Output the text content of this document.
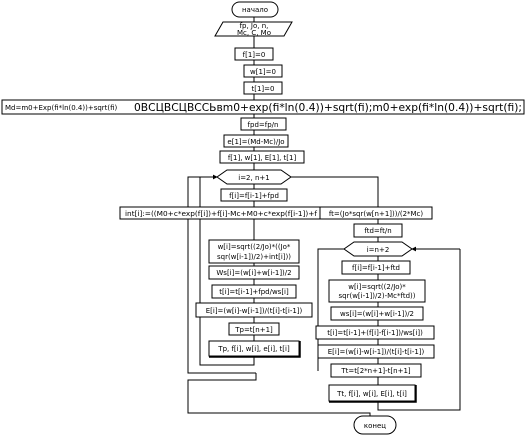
начало
fp, Jo, n,
Mc, C, Mo
f[1]=0
w[1]=0
t[1]=0
Md=m0+Exp(fi*ln(0.4))+sqrt(fi) 0ВСЦВСЦВССЬвm0+exp(fi*ln(0.4))+sqrt(fi);m0+exp(fi*ln(0.4))+sqrt(fi);
fpd=fp/n
e[1]=(Md-Mc)/Jo
f[1], w[1], E[1], t[1]
i=2, n+1
f[i]=f[i-1]+fpd
int[i]:=((M0+c*exp(f[i])+f[i]-Mc+M0+c*exp(f[i-1])+f ft=(Jo*sqr(w[n+1]))/(2*Mc)
w[i]=sqrt((2/Jo)*((Jo*
sqr(w[i-1])/2)+int[i]))
Ws[i]=(w[i]+w[i-1])/2
t[i]=t[i-1]+fpd/ws[i]
E[i]=(w[i]-w[i-1])/(t[i]-t[i-1])
Tp=t[n+1]
Tp, f[i], w[i], e[i], t[i]
ftd=ft/n
i=n+2
f[i]=f[i-1]+ftd
w[i]=sqrt((2/Jo)*
sqr(w[i-1])/2)-Mc*ftd))
ws[i]=(w[i]+w[i-1])/2
t[i]=t[i-1]+(f[i]-f[i-1])/ws[i])
E[i]=(w[i]-w[i-1])/(t[i]-t[i-1])
Tt=t[2*n+1]-t[n+1]
Tt, f[i], w[i], E[i], t[i]
конец
